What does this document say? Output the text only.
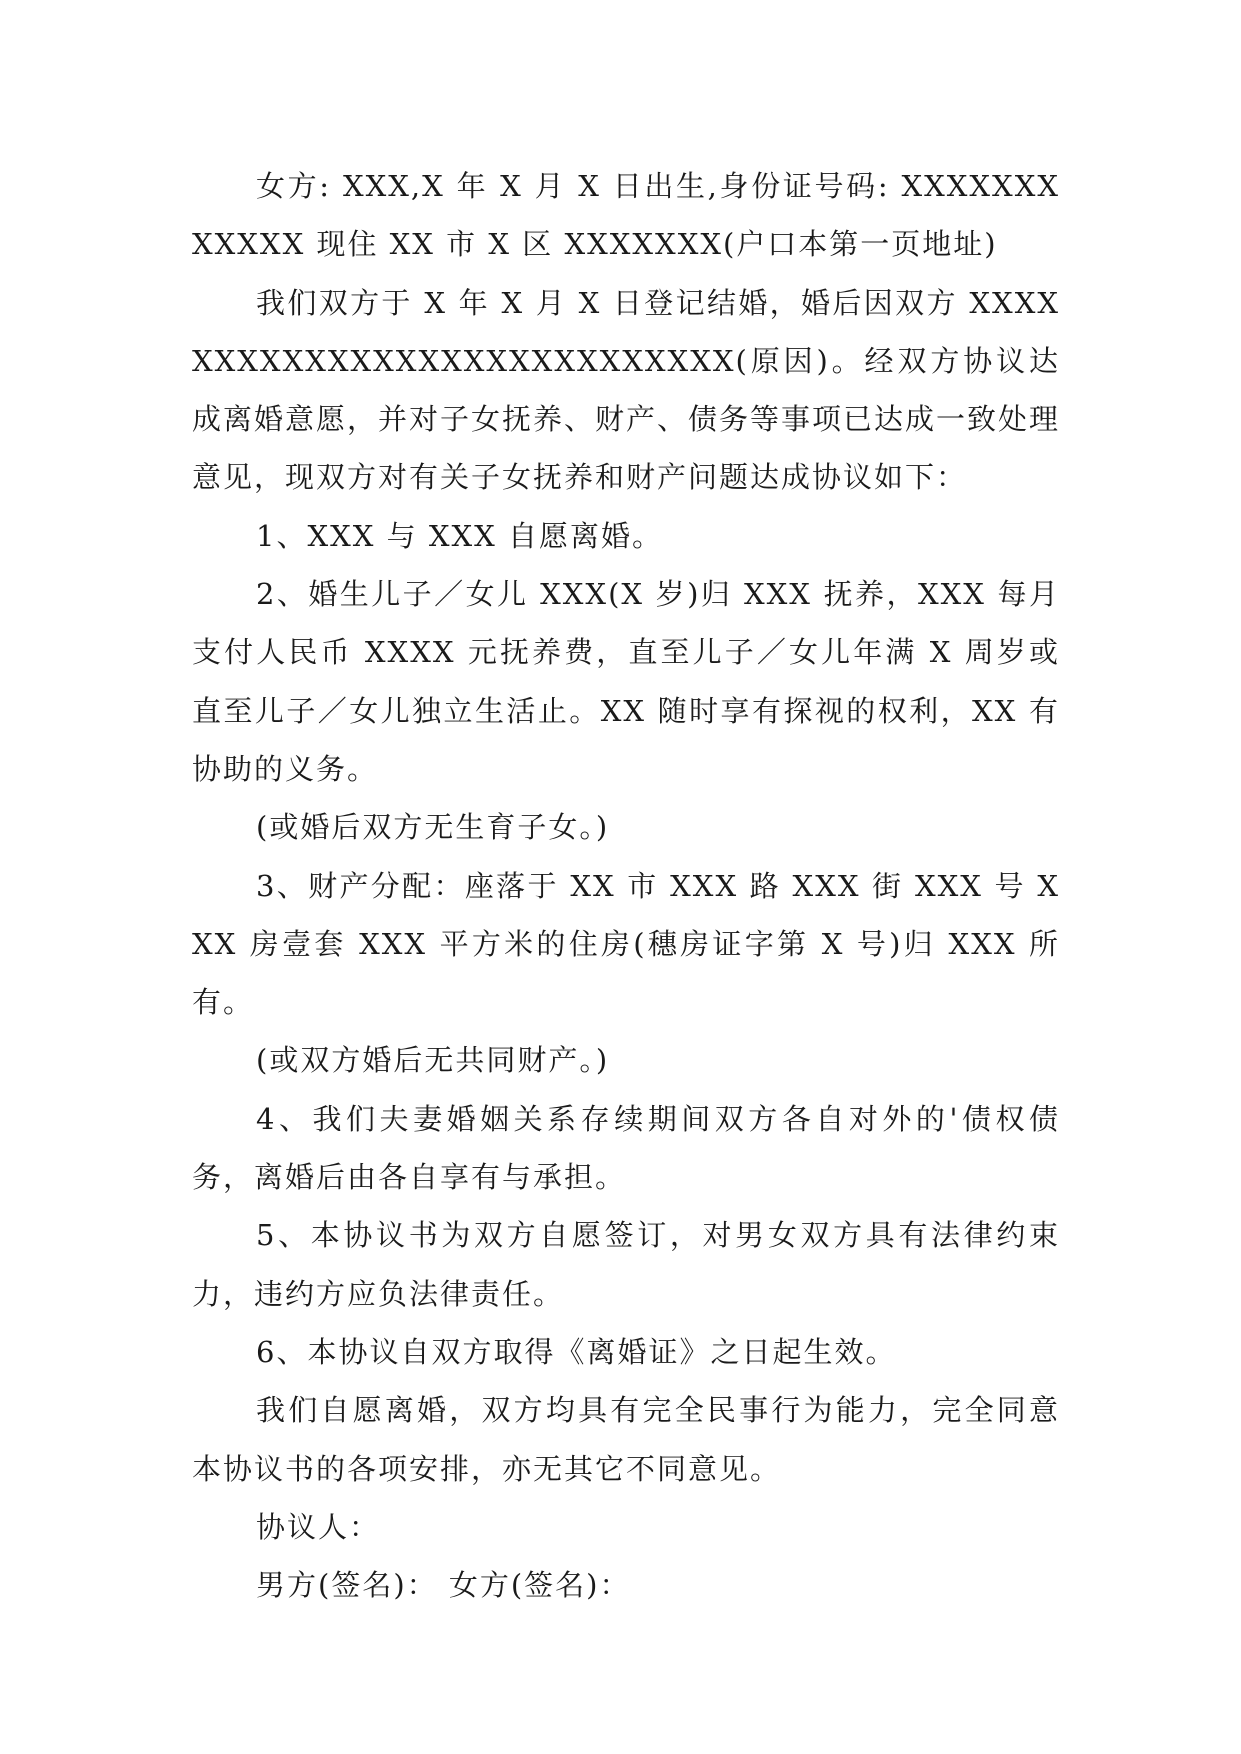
女方: XXX,X 年 X 月 X 日出生,身份证号码: XXXXXXXXXXXX 现住 XX 市 X 区 XXXXXXX(户口本第一页地址)

我们双方于 X 年 X 月 X 日登记结婚，婚后因双方 XXXXXXXXXXXXXXXXXXXXXXXXXXXX(原因)。经双方协议达成离婚意愿，并对子女抚养、财产、债务等事项已达成一致处理意见，现双方对有关子女抚养和财产问题达成协议如下：

1、XXX 与 XXX 自愿离婚。

2、婚生儿子／女儿 XXX(X 岁)归 XXX 抚养，XXX 每月支付人民币 XXXX 元抚养费，直至儿子／女儿年满 X 周岁或直至儿子／女儿独立生活止。XX 随时享有探视的权利，XX 有协助的义务。

(或婚后双方无生育子女。)

3、财产分配：座落于 XX 市 XXX 路 XXX 街 XXX 号 XXX 房壹套 XXX 平方米的住房(穗房证字第 X 号)归 XXX 所有。

(或双方婚后无共同财产。)

4、我们夫妻婚姻关系存续期间双方各自对外的'债权债务，离婚后由各自享有与承担。

5、本协议书为双方自愿签订，对男女双方具有法律约束力，违约方应负法律责任。

6、本协议自双方取得《离婚证》之日起生效。

我们自愿离婚，双方均具有完全民事行为能力，完全同意本协议书的各项安排，亦无其它不同意见。

协议人：

男方(签名)： 女方(签名)：
